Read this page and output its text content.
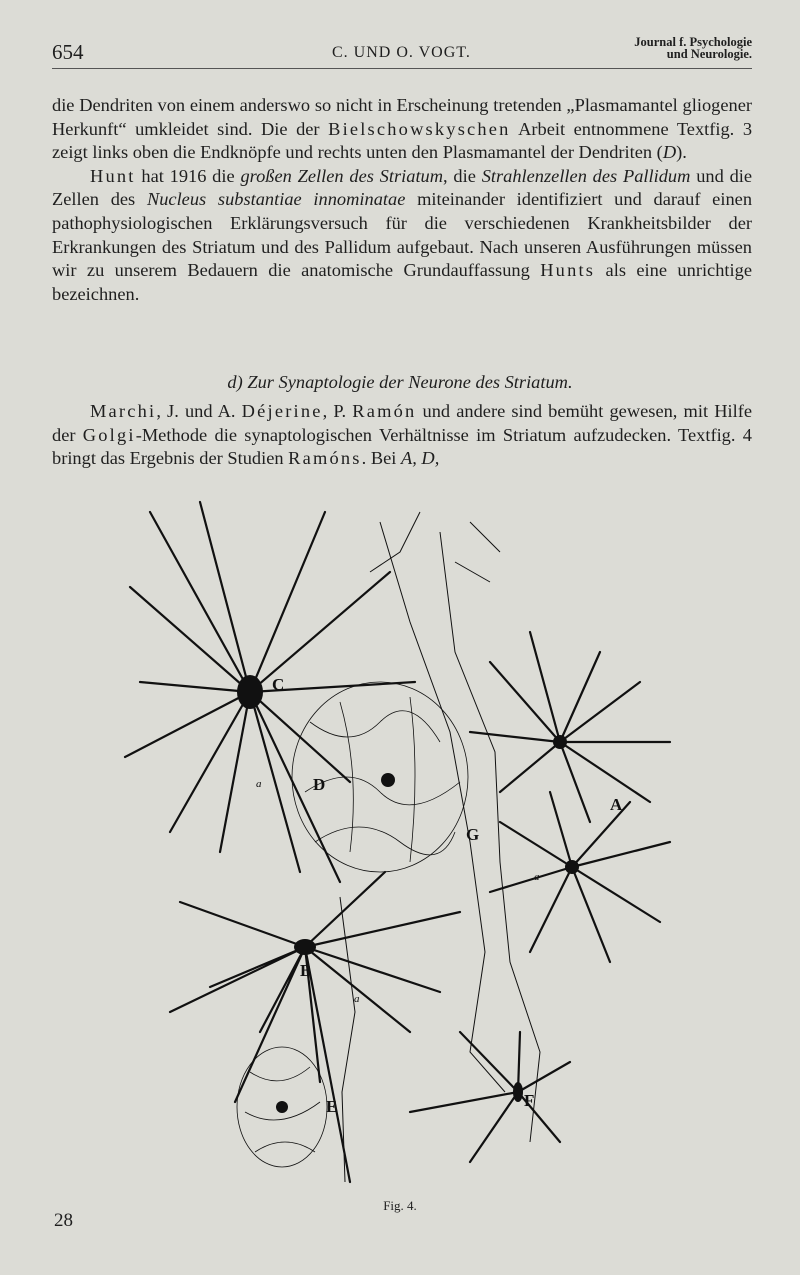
654	C. UND O. VOGT.
Journal f. Psychologie
und Neurologie.

die Dendriten von einem anderswo so nicht in Erscheinung tretenden „Plasmamantel gliogener Herkunft“ umkleidet sind. Die der Bielschowskyschen Arbeit entnommene Textfig. 3 zeigt links oben die Endknöpfe und rechts unten den Plasmamantel der Dendriten (D).

Hunt hat 1916 die großen Zellen des Striatum, die Strahlenzellen des Pallidum und die Zellen des Nucleus substantiae innominatae miteinander identifiziert und darauf einen pathophysiologischen Erklärungsversuch für die verschiedenen Krankheitsbilder der Erkrankungen des Striatum und des Pallidum aufgebaut. Nach unseren Ausführungen müssen wir zu unserem Bedauern die anatomische Grundauffassung Hunts als eine unrichtige bezeichnen.

d) Zur Synaptologie der Neurone des Striatum.

Marchi, J. und A. Déjerine, P. Ramón und andere sind bemüht gewesen, mit Hilfe der Golgi-Methode die synaptologischen Verhältnisse im Striatum aufzudecken. Textfig. 4 bringt das Ergebnis der Studien Ramóns. Bei A, D,

C
D
A
G
B
E	F
a
a
a
Fig. 4.
28
